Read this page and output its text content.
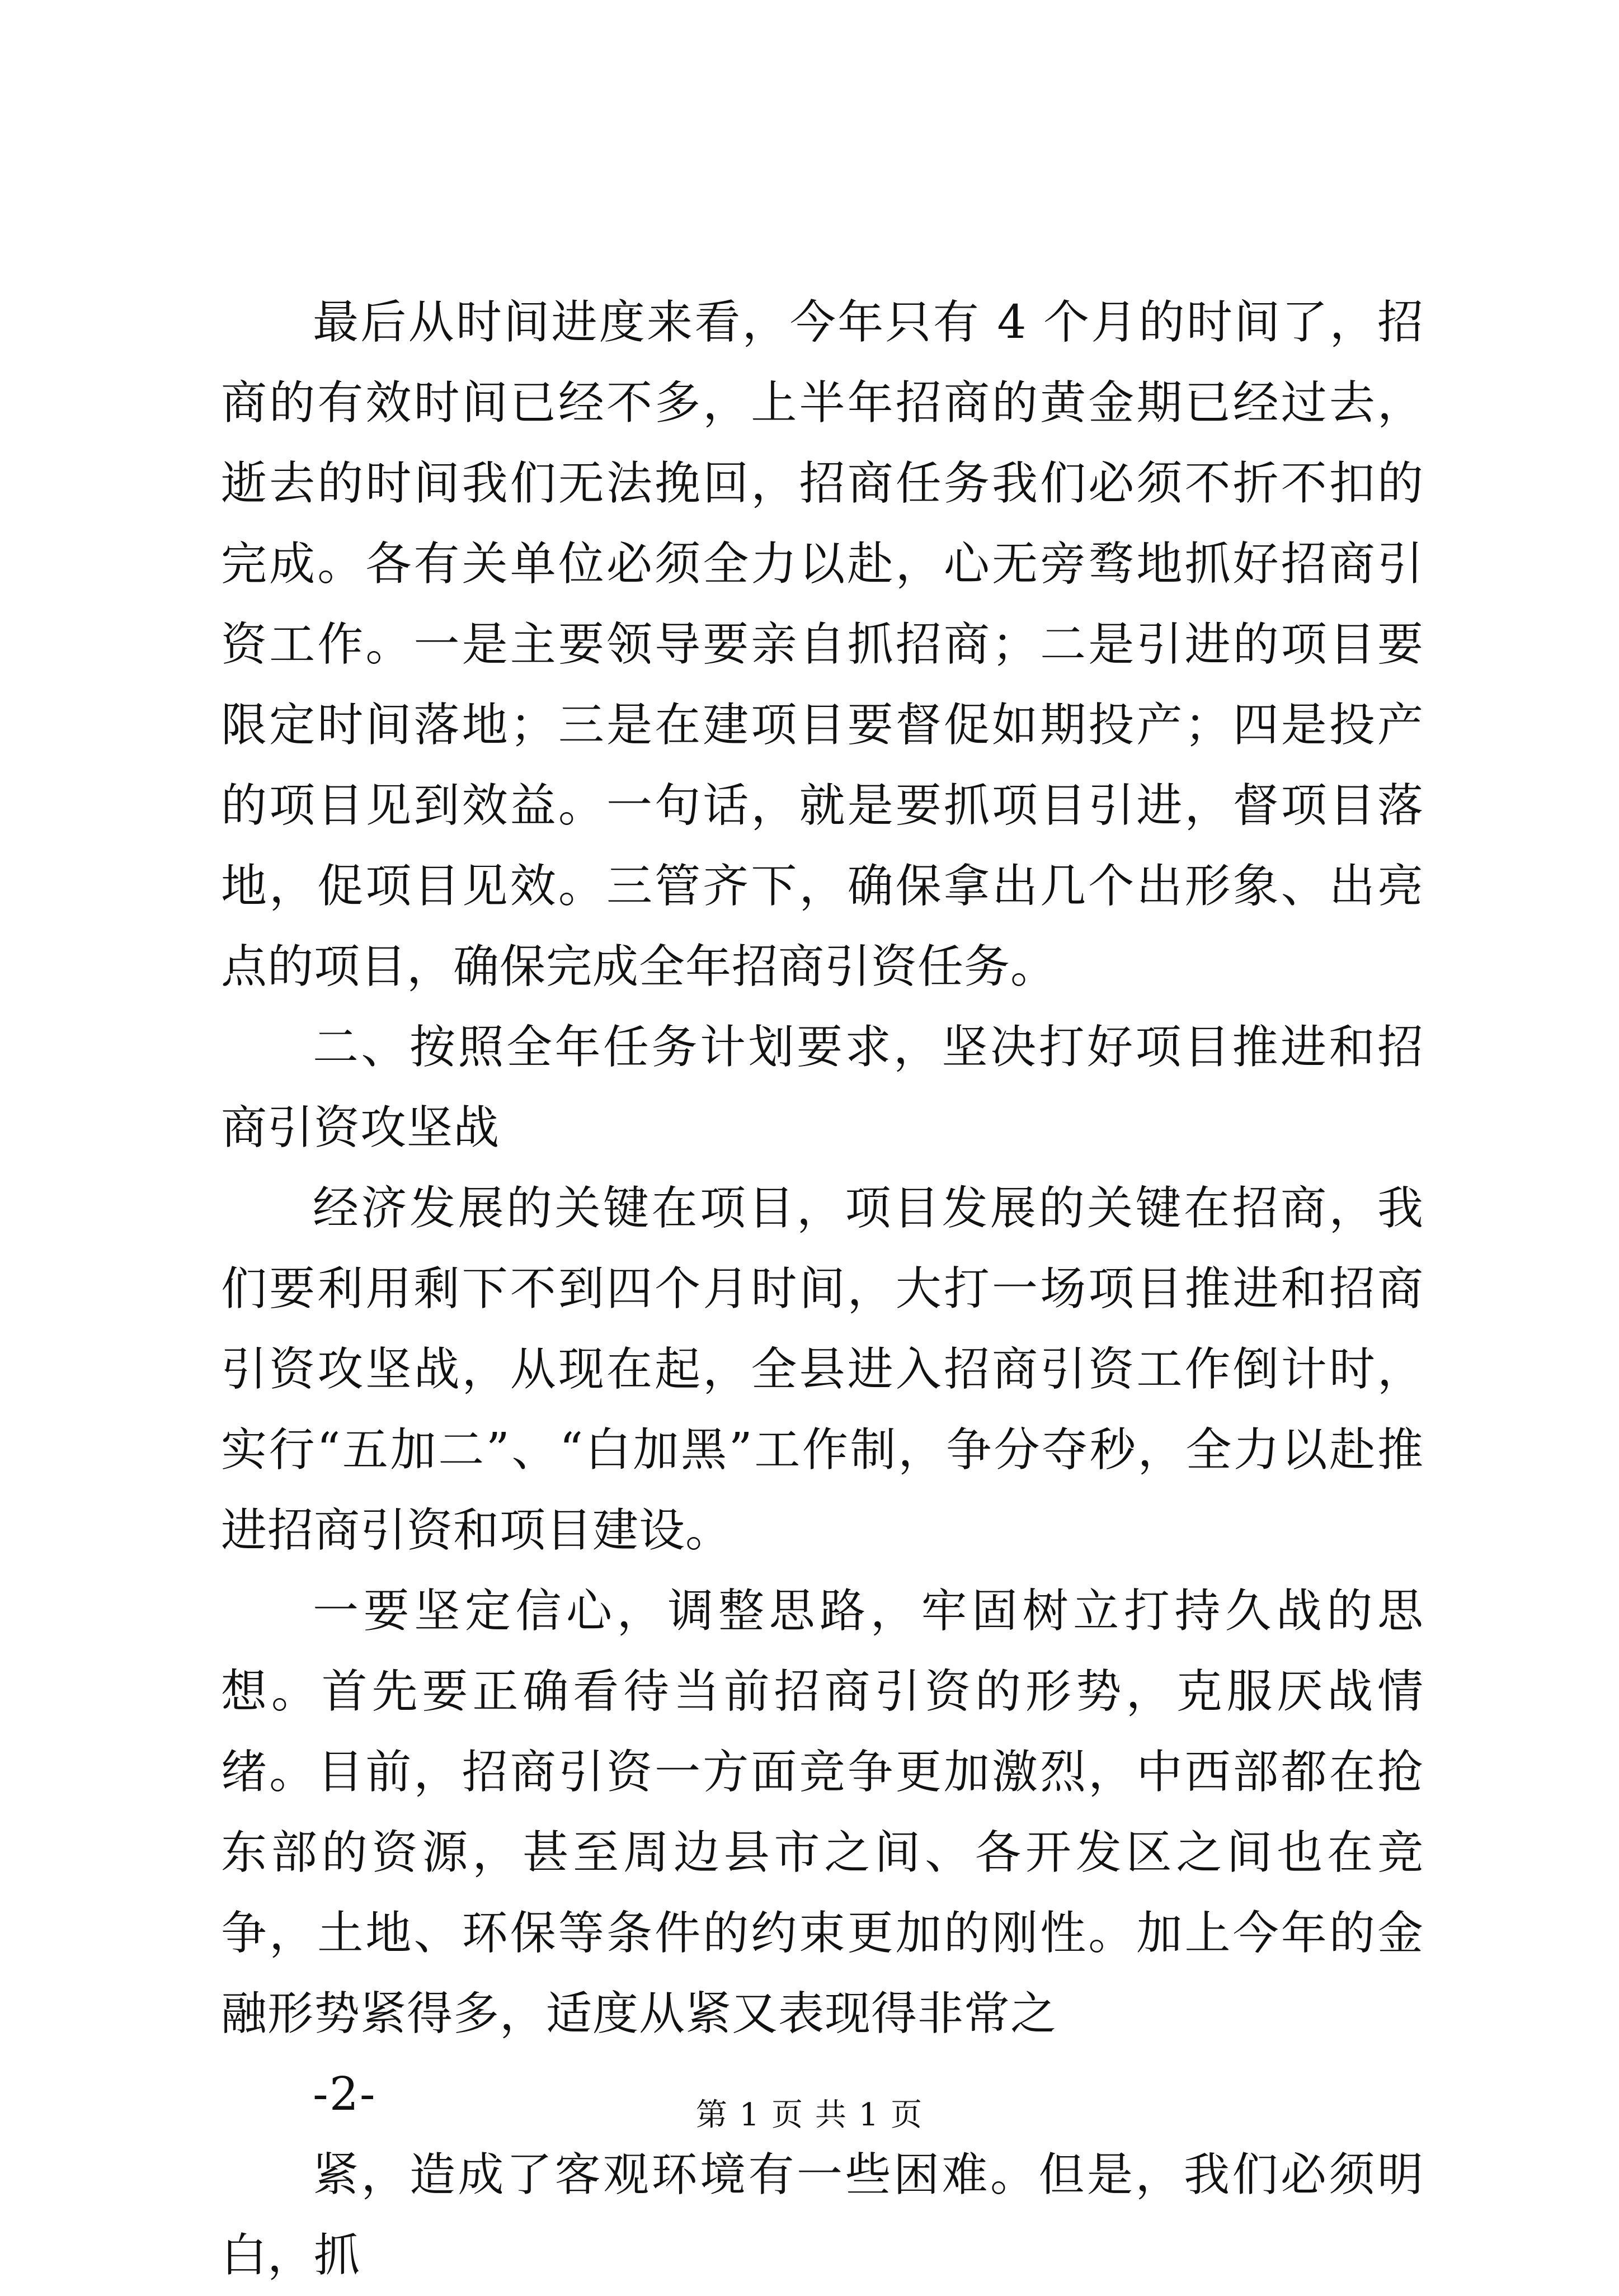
最后从时间进度来看，今年只有 4 个月的时间了，招商的有效时间已经不多，上半年招商的黄金期已经过去，逝去的时间我们无法挽回，招商任务我们必须不折不扣的完成。各有关单位必须全力以赴，心无旁骛地抓好招商引资工作。一是主要领导要亲自抓招商；二是引进的项目要限定时间落地；三是在建项目要督促如期投产；四是投产的项目见到效益。一句话，就是要抓项目引进，督项目落地，促项目见效。三管齐下，确保拿出几个出形象、出亮点的项目，确保完成全年招商引资任务。

二、按照全年任务计划要求，坚决打好项目推进和招商引资攻坚战

经济发展的关键在项目，项目发展的关键在招商，我们要利用剩下不到四个月时间，大打一场项目推进和招商引资攻坚战，从现在起，全县进入招商引资工作倒计时，实行“五加二”、“白加黑”工作制，争分夺秒，全力以赴推进招商引资和项目建设。

一要坚定信心，调整思路，牢固树立打持久战的思想。首先要正确看待当前招商引资的形势，克服厌战情绪。目前，招商引资一方面竞争更加激烈，中西部都在抢东部的资源，甚至周边县市之间、各开发区之间也在竞争，土地、环保等条件的约束更加的刚性。加上今年的金融形势紧得多，适度从紧又表现得非常之

-2-

紧，造成了客观环境有一些困难。但是，我们必须明白，抓

第 1 页 共 1 页
